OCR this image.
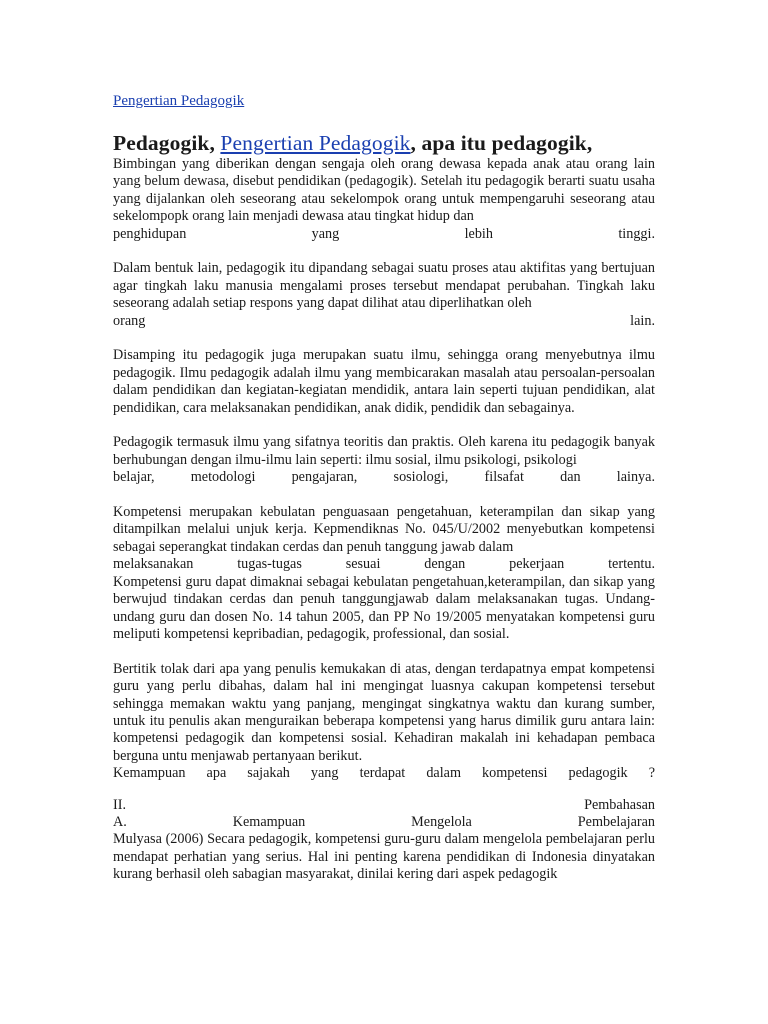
Pengertian Pedagogik
Pedagogik, Pengertian Pedagogik, apa itu pedagogik,

Bimbingan yang diberikan dengan sengaja oleh orang dewasa kepada anak atau orang lain yang belum dewasa, disebut pendidikan (pedagogik). Setelah itu pedagogik berarti suatu usaha yang dijalankan oleh seseorang atau sekelompok orang untuk mempengaruhi seseorang atau sekelompopk orang lain menjadi dewasa atau tingkat hidup dan
penghidupan yang lebih tinggi.

Dalam bentuk lain, pedagogik itu dipandang sebagai suatu proses atau aktifitas yang bertujuan agar tingkah laku manusia mengalami proses tersebut mendapat perubahan. Tingkah laku seseorang adalah setiap respons yang dapat dilihat atau diperlihatkan oleh
orang lain.

Disamping itu pedagogik juga merupakan suatu ilmu, sehingga orang menyebutnya ilmu pedagogik. Ilmu pedagogik adalah ilmu yang membicarakan masalah atau persoalan-persoalan dalam pendidikan dan kegiatan-kegiatan mendidik, antara lain seperti tujuan pendidikan, alat pendidikan, cara melaksanakan pendidikan, anak didik, pendidik dan sebagainya.

Pedagogik termasuk ilmu yang sifatnya teoritis dan praktis. Oleh karena itu pedagogik banyak berhubungan dengan ilmu-ilmu lain seperti: ilmu sosial, ilmu psikologi, psikologi
belajar, metodologi pengajaran, sosiologi, filsafat dan lainya.

Kompetensi merupakan kebulatan penguasaan pengetahuan, keterampilan dan sikap yang ditampilkan melalui unjuk kerja. Kepmendiknas No. 045/U/2002 menyebutkan kompetensi sebagai seperangkat tindakan cerdas dan penuh tanggung jawab dalam
melaksanakan tugas-tugas sesuai dengan pekerjaan tertentu.
Kompetensi guru dapat dimaknai sebagai kebulatan pengetahuan,keterampilan, dan sikap yang berwujud tindakan cerdas dan penuh tanggungjawab dalam melaksanakan tugas. Undang-undang guru dan dosen No. 14 tahun 2005, dan PP No 19/2005 menyatakan kompetensi guru meliputi kompetensi kepribadian, pedagogik, professional, dan sosial.

Bertitik tolak dari apa yang penulis kemukakan di atas, dengan terdapatnya empat kompetensi guru yang perlu dibahas, dalam hal ini mengingat luasnya cakupan kompetensi tersebut sehingga memakan waktu yang panjang, mengingat singkatnya waktu dan kurang sumber, untuk itu penulis akan menguraikan beberapa kompetensi yang harus dimilik guru antara lain: kompetensi pedagogik dan kompetensi sosial. Kehadiran makalah ini kehadapan pembaca berguna untu menjawab pertanyaan berikut.
Kemampuan apa sajakah yang terdapat dalam kompetensi pedagogik ?

II. Pembahasan
A. Kemampuan Mengelola Pembelajaran
Mulyasa (2006) Secara pedagogik, kompetensi guru-guru dalam mengelola pembelajaran perlu mendapat perhatian yang serius. Hal ini penting karena pendidikan di Indonesia dinyatakan kurang berhasil oleh sabagian masyarakat, dinilai kering dari aspek pedagogik
